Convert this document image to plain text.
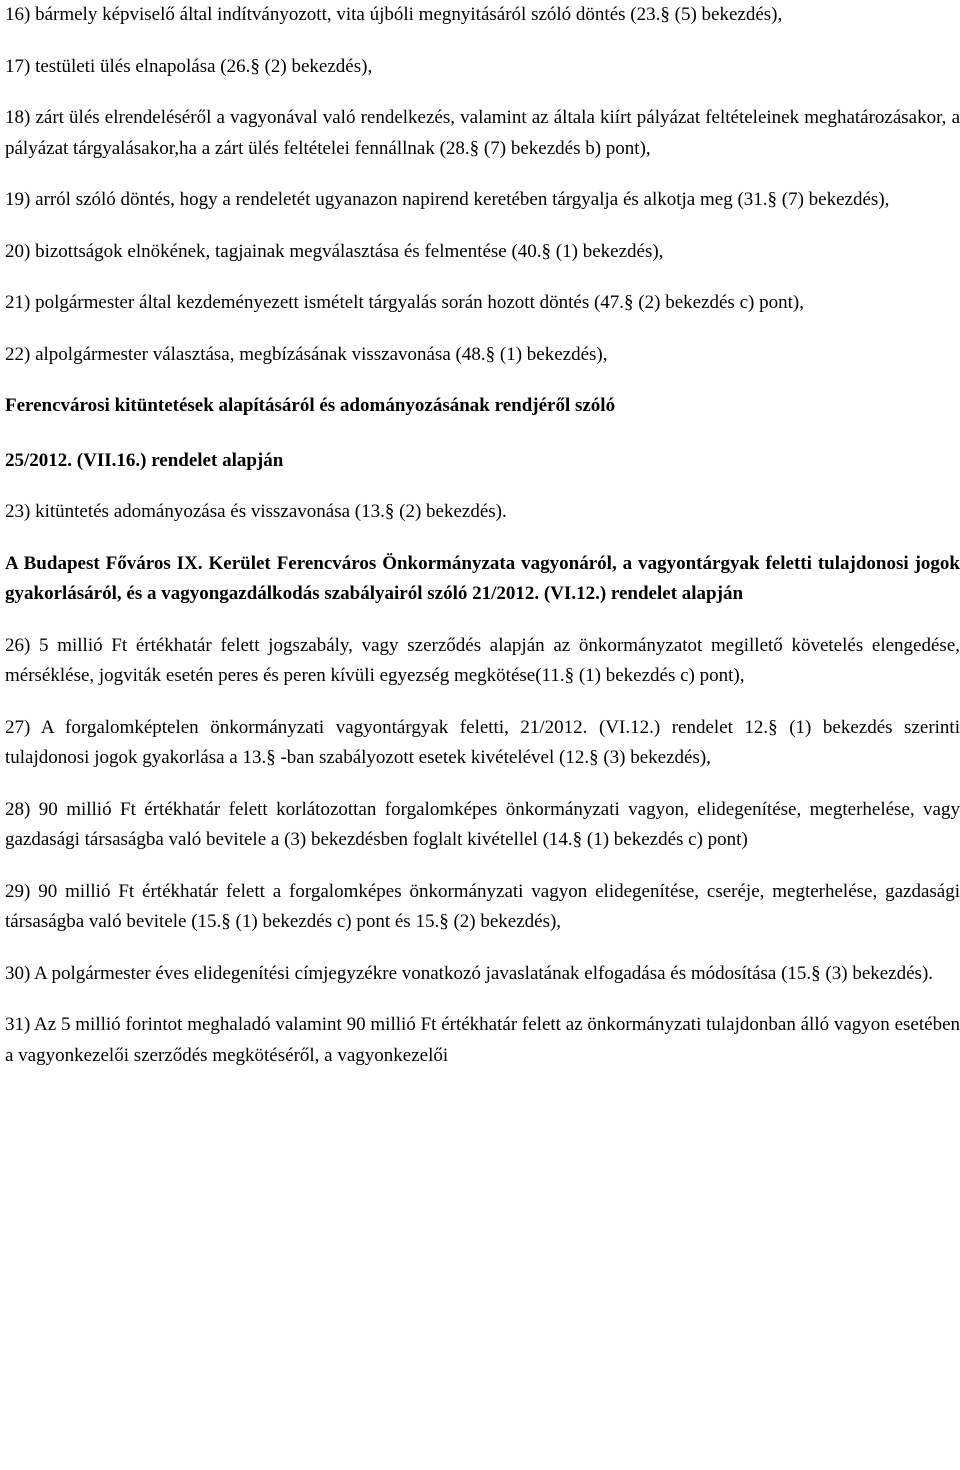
16) bármely képviselő által indítványozott, vita újbóli megnyitásáról szóló döntés (23.§ (5) bekezdés),

17) testületi ülés elnapolása (26.§ (2) bekezdés),

18) zárt ülés elrendeléséről a vagyonával való rendelkezés, valamint az általa kiírt pályázat feltételeinek meghatározásakor, a pályázat tárgyalásakor,ha a zárt ülés feltételei fennállnak (28.§ (7) bekezdés b) pont),

19) arról szóló döntés, hogy a rendeletét ugyanazon napirend keretében tárgyalja és alkotja meg (31.§ (7) bekezdés),

20) bizottságok elnökének, tagjainak megválasztása és felmentése (40.§ (1) bekezdés),

21) polgármester által kezdeményezett ismételt tárgyalás során hozott döntés (47.§ (2) bekezdés c) pont),

22) alpolgármester választása, megbízásának visszavonása (48.§ (1) bekezdés),

Ferencvárosi kitüntetések alapításáról és adományozásának rendjéről szóló

25/2012. (VII.16.) rendelet alapján

23) kitüntetés adományozása és visszavonása (13.§ (2) bekezdés).

A Budapest Főváros IX. Kerület Ferencváros Önkormányzata vagyonáról, a vagyontárgyak feletti tulajdonosi jogok gyakorlásáról, és a vagyongazdálkodás szabályairól szóló 21/2012. (VI.12.) rendelet alapján

26) 5 millió Ft értékhatár felett jogszabály, vagy szerződés alapján az önkormányzatot megillető követelés elengedése, mérséklése, jogviták esetén peres és peren kívüli egyezség megkötése(11.§ (1) bekezdés c) pont),

27) A forgalomképtelen önkormányzati vagyontárgyak feletti, 21/2012. (VI.12.) rendelet 12.§ (1) bekezdés szerinti tulajdonosi jogok gyakorlása a 13.§ -ban szabályozott esetek kivételével (12.§ (3) bekezdés),

28) 90 millió Ft értékhatár felett korlátozottan forgalomképes önkormányzati vagyon, elidegenítése, megterhelése, vagy gazdasági társaságba való bevitele a (3) bekezdésben foglalt kivétellel (14.§ (1) bekezdés c) pont)

29) 90 millió Ft értékhatár felett a forgalomképes önkormányzati vagyon elidegenítése, cseréje, megterhelése, gazdasági társaságba való bevitele (15.§ (1) bekezdés c) pont és 15.§ (2) bekezdés),

30) A polgármester éves elidegenítési címjegyzékre vonatkozó javaslatának elfogadása és módosítása (15.§ (3) bekezdés).

31) Az 5 millió forintot meghaladó valamint 90 millió Ft értékhatár felett az önkormányzati tulajdonban álló vagyon esetében a vagyonkezelői szerződés megkötéséről, a vagyonkezelői
